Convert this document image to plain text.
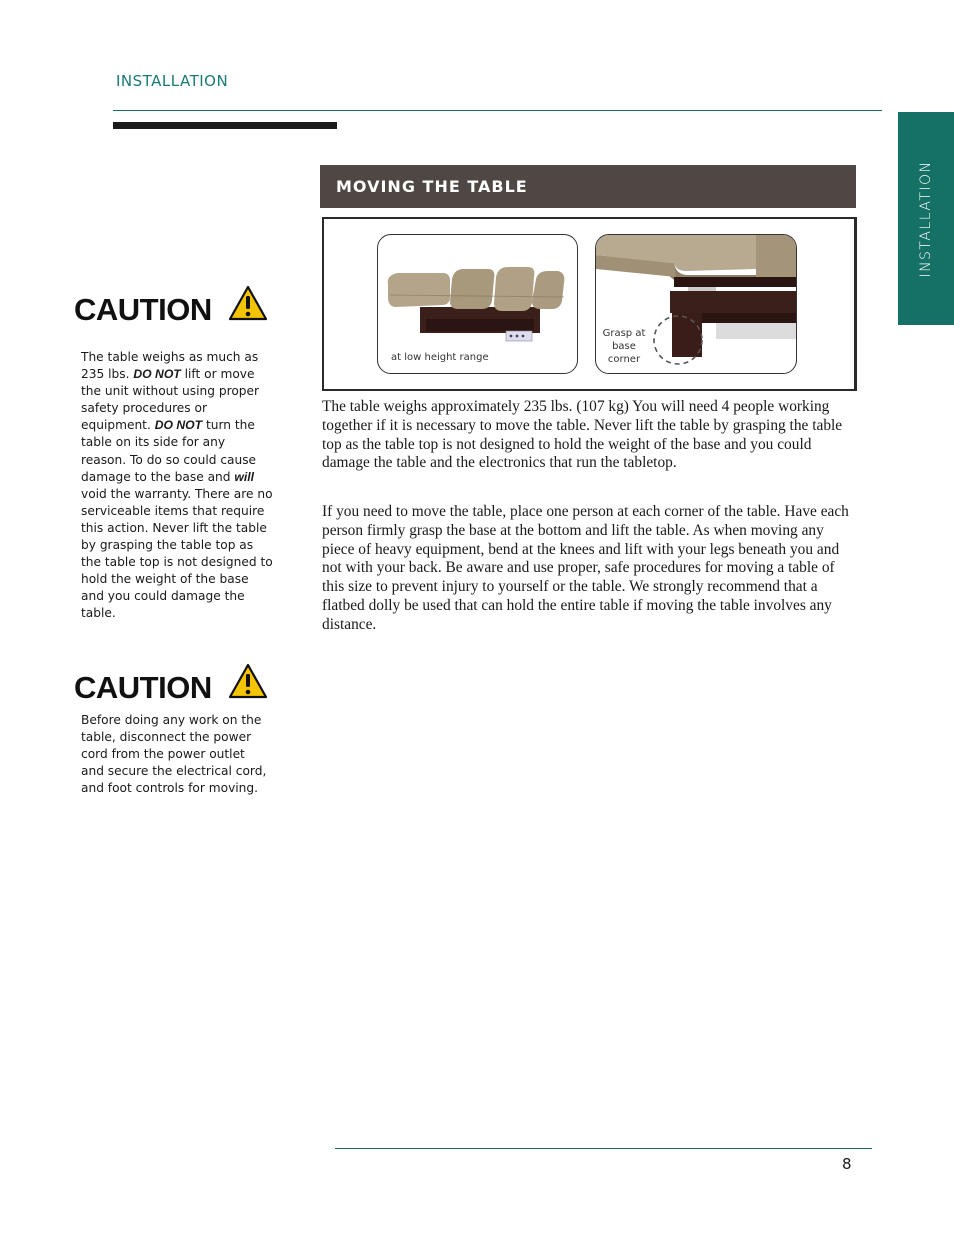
INSTALLATION
INSTALLATION
MOVING THE TABLE
at low height range
Grasp at base corner
CAUTION
The table weighs as much as 235 lbs. DO NOT lift or move the unit without using proper safety procedures or equipment. DO NOT turn the table on its side for any reason. To do so could cause damage to the base and will void the warranty. There are no serviceable items that require this action. Never lift the table by grasping the table top as the table top is not designed to hold the weight of the base and you could damage the table.
CAUTION
Before doing any work on the table, disconnect the power cord from the power outlet and secure the electrical cord, and foot controls for moving.

The table weighs approximately 235 lbs. (107 kg) You will need 4 people working together if it is necessary to move the table. Never lift the table by grasping the table top as the table top is not designed to hold the weight of the base and you could damage the table and the electronics that run the tabletop.

If you need to move the table, place one person at each corner of the table. Have each person firmly grasp the base at the bottom and lift the table. As when moving any piece of heavy equipment, bend at the knees and lift with your legs beneath you and not with your back. Be aware and use proper, safe procedures for moving a table of this size to prevent injury to yourself or the table. We strongly recommend that a flatbed dolly be used that can hold the entire table if moving the table involves any distance.

8
